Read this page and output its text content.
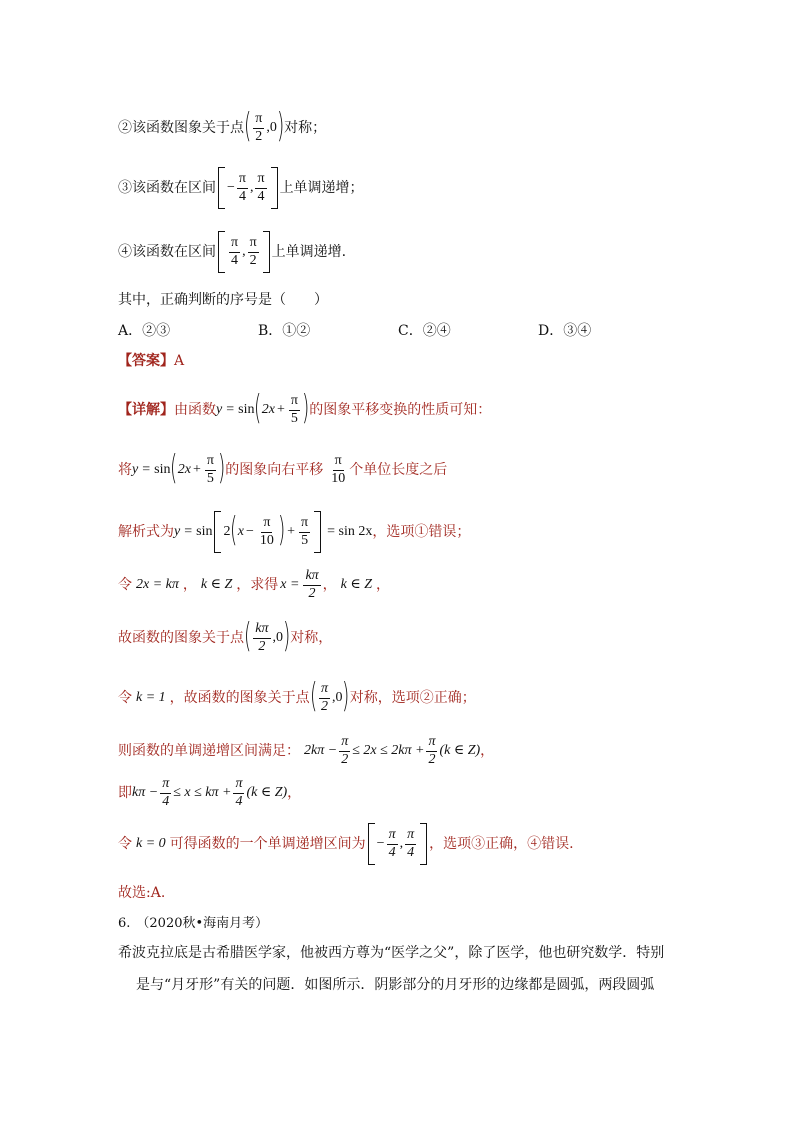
②该函数图象关于点 ( $\frac{\pi}{2} ,0$ ) 对称；
③该函数在区间 − $\frac{\pi}{4}$ , $\frac{\pi}{4}$ 上单调递增；
④该函数在区间 $\frac{\pi}{4}$ , $\frac{\pi}{2}$ 上单调递增.
其中，正确判断的序号是（　　）
A．②③	B．①②	C．②④	D．③④
【答案】 A
【详解】 由函数 y = sin ( $2x + \frac{\pi}{5}$ ) 的图象平移变换的性质可知：
将 y = sin ( $2x + \frac{\pi}{5}$ ) 的图象向右平移 $\frac{\pi}{10}$ 个单位长度之后
解析式为 y = sin 2 ( $x - \frac{\pi}{10}$ ) + $\frac{\pi}{5} = \sin 2x$ ，选项①错误；
令 2x = kπ ， k ∈ Z ，求得 $x = \frac{k\pi}{2}$ ， k ∈ Z ，
故函数的图象关于点 ( $\frac{k\pi}{2} ,0$ ) 对称，
令 k = 1 ，故函数的图象关于点 ( $\frac{\pi}{2} ,0$ ) 对称，选项②正确；
则函数的单调递增区间满足： $2k\pi - \frac{\pi}{2} \le 2x \le 2k\pi + \frac{\pi}{2} (k$ ∈ Z) ，
即 $k\pi - \frac{\pi}{4} \le x \le k\pi + \frac{\pi}{4} (k$ ∈ Z) ，
令 k = 0 可得函数的一个单调递增区间为 − $\frac{\pi}{4}$ , $\frac{\pi}{4}$ ，选项③正确，④错误.
故选:A.
6. （2020秋•海南月考）
希波克拉底是古希腊医学家，他被西方尊为“医学之父”，除了医学，他也研究数学．特别
是与“月牙形”有关的问题．如图所示．阴影部分的月牙形的边缘都是圆弧，两段圆弧
